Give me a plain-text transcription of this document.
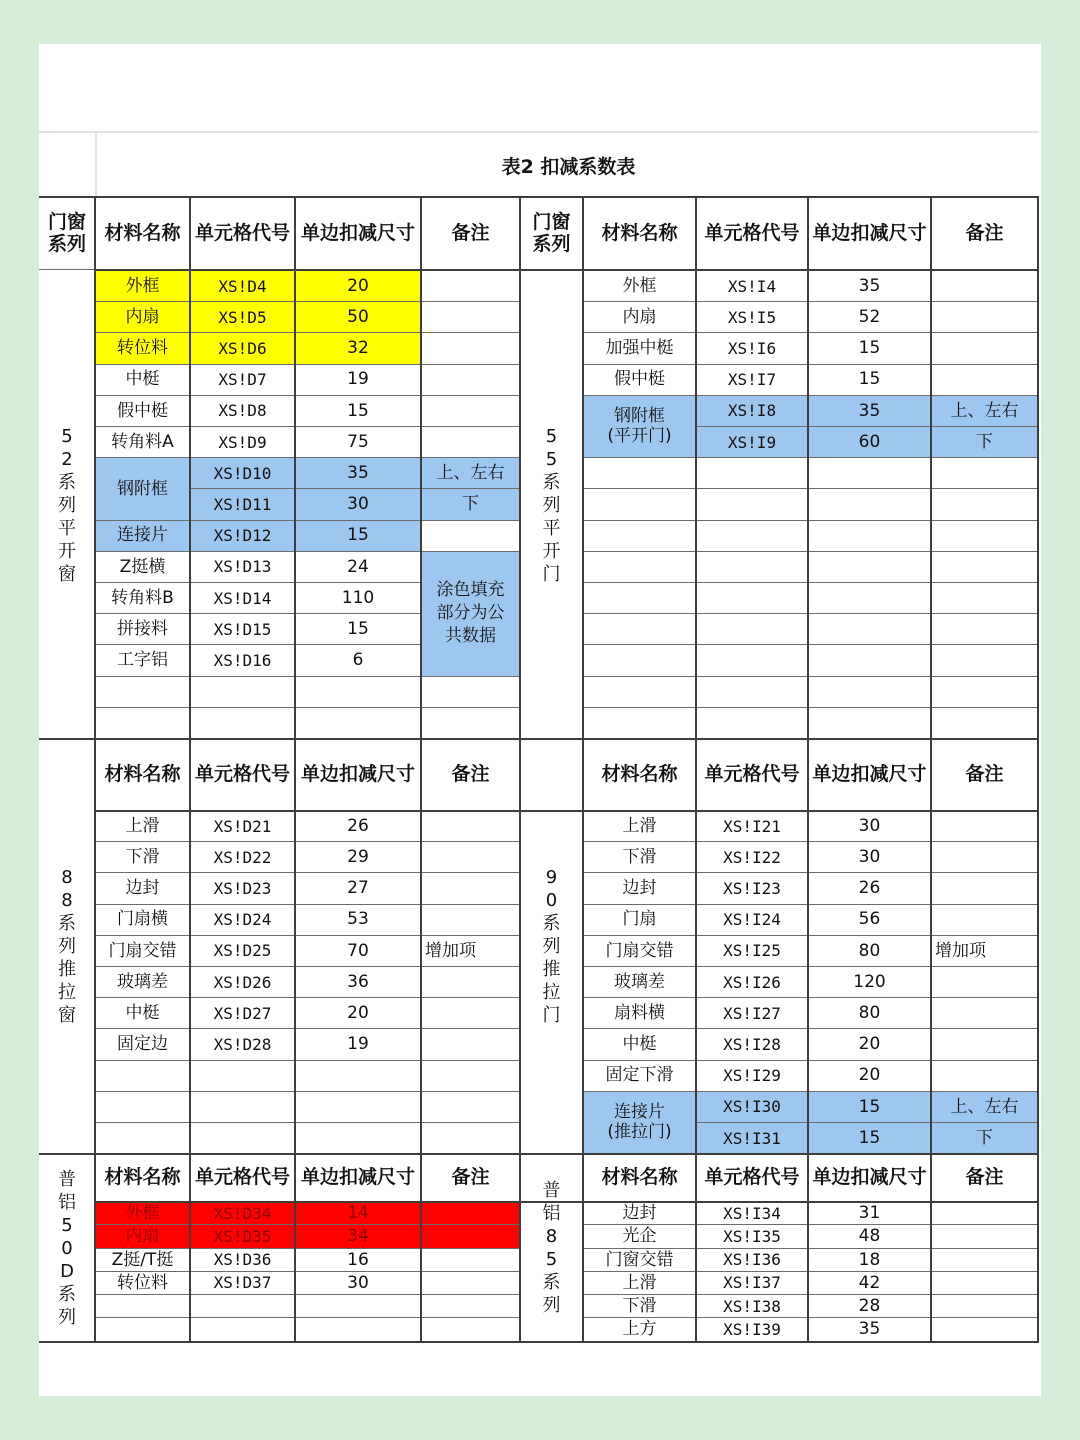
表2 扣减系数表
门窗
系列
材料名称 单元格代号 单边扣减尺寸	备注
5
2
系
列
平
开
窗
外框	XS!D4	20
内扇	XS!D5	50
转位料	XS!D6	32
中梃	XS!D7	19
假中梃	XS!D8	15
转角料A	XS!D9	75
钢附框
XS!D10	35	上、左右
XS!D11	30	下
连接片	XS!D12	15
Z挺横	XS!D13	24
涂色填充部分为公共数据
转角料B	XS!D14	110
拼接料	XS!D15	15
工字铝	XS!D16	6
门窗
系列
材料名称	单元格代号 单边扣减尺寸	备注
5
5
系
列
平
开
门
外框	XS!I4	35
内扇	XS!I5	52
加强中梃	XS!I6	15
假中梃	XS!I7	15
钢附框
(平开门)
XS!I8	35	上、左右
XS!I9	60	下
材料名称 单元格代号 单边扣减尺寸	备注
8
8
系
列
推
拉
窗
上滑	XS!D21	26
下滑	XS!D22	29
边封	XS!D23	27
门扇横	XS!D24	53
门扇交错	XS!D25	70	增加项
玻璃差	XS!D26	36
中梃	XS!D27	20
固定边	XS!D28	19
材料名称	单元格代号 单边扣减尺寸	备注
9
0
系
列
推
拉
门
上滑	XS!I21	30
下滑	XS!I22	30
边封	XS!I23	26
门扇	XS!I24	56
门扇交错	XS!I25	80	增加项
玻璃差	XS!I26	120
扇料横	XS!I27	80
中梃	XS!I28	20
固定下滑	XS!I29	20
连接片
(推拉门)
XS!I30	15	上、左右
XS!I31	15	下
材料名称 单元格代号 单边扣减尺寸	备注
普
铝
5
0
D
系
列
外框	XS!D34	14
内扇	XS!D35	34
Z挺/T挺	XS!D36	16
转位料	XS!D37	30
材料名称	单元格代号 单边扣减尺寸	备注
普
铝
8
5
系
列
边封	XS!I34	31
光企	XS!I35	48
门窗交错	XS!I36	18
上滑	XS!I37	42
下滑	XS!I38	28
上方	XS!I39	35
